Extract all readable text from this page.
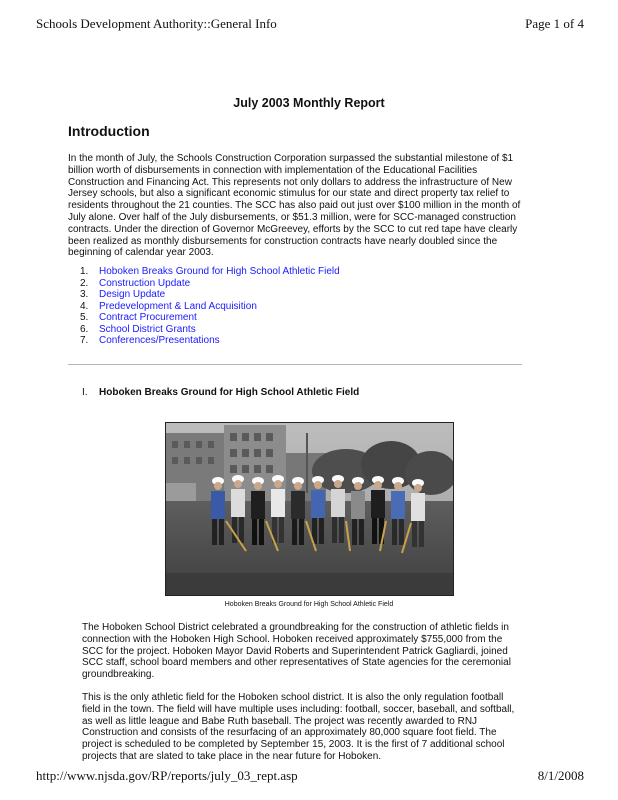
Schools Development Authority::General Info	Page 1 of 4
July 2003 Monthly Report
Introduction

In the month of July, the Schools Construction Corporation surpassed the substantial milestone of $1 billion worth of disbursements in connection with implementation of the Educational Facilities Construction and Financing Act. This represents not only dollars to address the infrastructure of New Jersey schools, but also a significant economic stimulus for our state and direct property tax relief to residents throughout the 21 counties. The SCC has also paid out just over $100 million in the month of July alone. Over half of the July disbursements, or $51.3 million, were for SCC-managed construction contracts. Under the direction of Governor McGreevey, efforts by the SCC to cut red tape have clearly been realized as monthly disbursements for construction contracts have nearly doubled since the beginning of calendar year 2003.

1. Hoboken Breaks Ground for High School Athletic Field
2. Construction Update
3. Design Update
4. Predevelopment & Land Acquisition
5. Contract Procurement
6. School District Grants
7. Conferences/Presentations
I. Hoboken Breaks Ground for High School Athletic Field
Hoboken Breaks Ground for High School Athletic Field

The Hoboken School District celebrated a groundbreaking for the construction of athletic fields in connection with the Hoboken High School. Hoboken received approximately $755,000 from the SCC for the project. Hoboken Mayor David Roberts and Superintendent Patrick Gagliardi, joined SCC staff, school board members and other representatives of State agencies for the ceremonial groundbreaking.

This is the only athletic field for the Hoboken school district. It is also the only regulation football field in the town. The field will have multiple uses including: football, soccer, baseball, and softball, as well as little league and Babe Ruth baseball. The project was recently awarded to RNJ Construction and consists of the resurfacing of an approximately 80,000 square foot field. The project is scheduled to be completed by September 15, 2003. It is the first of 7 additional school projects that are slated to take place in the near future for Hoboken.

http://www.njsda.gov/RP/reports/july_03_rept.asp	8/1/2008
